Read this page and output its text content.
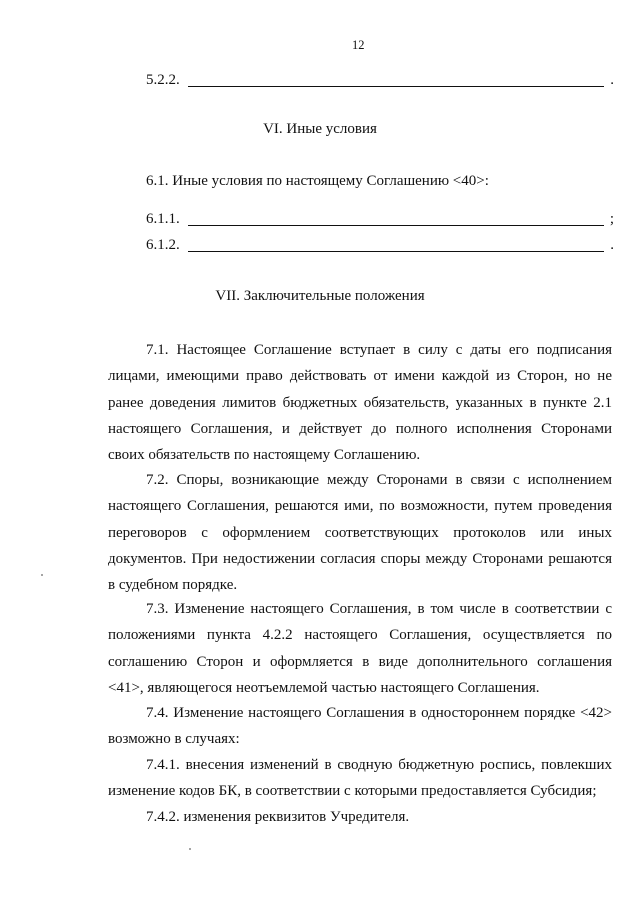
12
5.2.2.	.
VI. Иные условия
6.1. Иные условия по настоящему Соглашению <40>:
6.1.1.	;
6.1.2.	.
VII. Заключительные положения
7.1. Настоящее Соглашение вступает в силу с даты его подписания лицами, имеющими право действовать от имени каждой из Сторон, но не ранее доведения лимитов бюджетных обязательств, указанных в пункте 2.1 настоящего Соглашения, и действует до полного исполнения Сторонами своих обязательств по настоящему Соглашению.
7.2. Споры, возникающие между Сторонами в связи с исполнением настоящего Соглашения, решаются ими, по возможности, путем проведения переговоров с оформлением соответствующих протоколов или иных документов. При недостижении согласия споры между Сторонами решаются в судебном порядке.
7.3. Изменение настоящего Соглашения, в том числе в соответствии с положениями пункта 4.2.2 настоящего Соглашения, осуществляется по соглашению Сторон и оформляется в виде дополнительного соглашения <41>, являющегося неотъемлемой частью настоящего Соглашения.
7.4. Изменение настоящего Соглашения в одностороннем порядке <42> возможно в случаях:
7.4.1. внесения изменений в сводную бюджетную роспись, повлекших изменение кодов БК, в соответствии с которыми предоставляется Субсидия;
7.4.2. изменения реквизитов Учредителя.
